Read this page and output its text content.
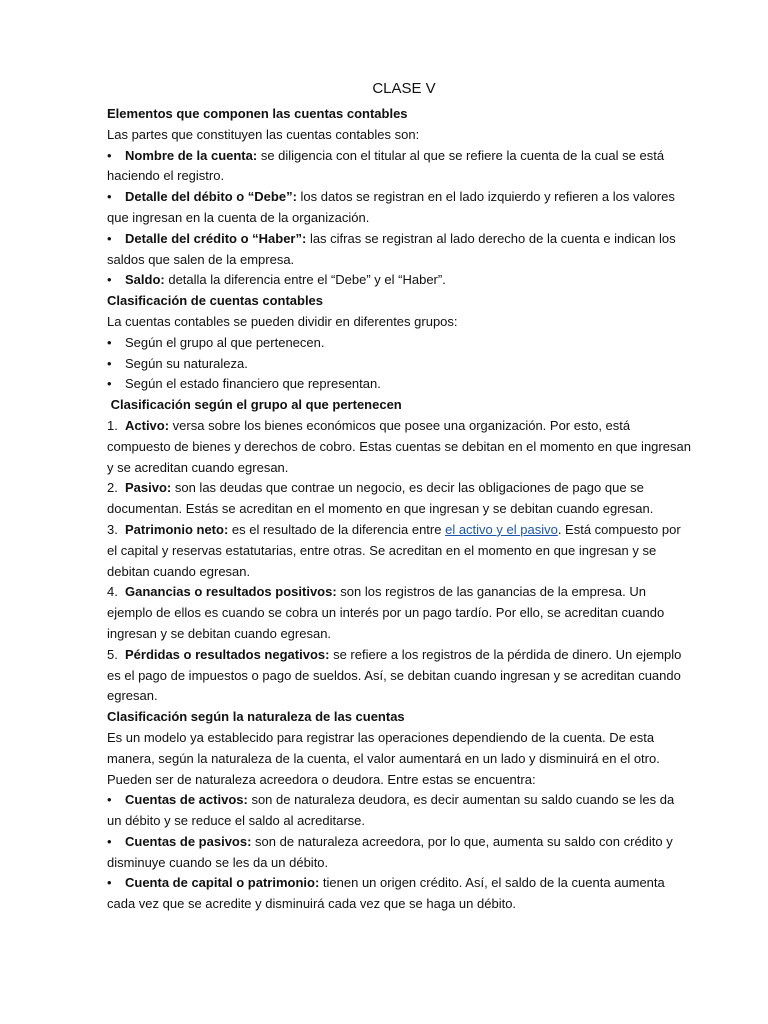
CLASE V

Elementos que componen las cuentas contables

Las partes que constituyen las cuentas contables son:

• Nombre de la cuenta: se diligencia con el titular al que se refiere la cuenta de la cual se está haciendo el registro.

• Detalle del débito o “Debe”: los datos se registran en el lado izquierdo y refieren a los valores que ingresan en la cuenta de la organización.

• Detalle del crédito o “Haber”: las cifras se registran al lado derecho de la cuenta e indican los saldos que salen de la empresa.

• Saldo: detalla la diferencia entre el “Debe” y el “Haber”.

Clasificación de cuentas contables

La cuentas contables se pueden dividir en diferentes grupos:

• Según el grupo al que pertenecen.

• Según su naturaleza.

• Según el estado financiero que representan.

Clasificación según el grupo al que pertenecen

1. Activo: versa sobre los bienes económicos que posee una organización. Por esto, está compuesto de bienes y derechos de cobro. Estas cuentas se debitan en el momento en que ingresan y se acreditan cuando egresan.

2. Pasivo: son las deudas que contrae un negocio, es decir las obligaciones de pago que se documentan. Estás se acreditan en el momento en que ingresan y se debitan cuando egresan.

3. Patrimonio neto: es el resultado de la diferencia entre el activo y el pasivo. Está compuesto por el capital y reservas estatutarias, entre otras. Se acreditan en el momento en que ingresan y se debitan cuando egresan.

4. Ganancias o resultados positivos: son los registros de las ganancias de la empresa. Un ejemplo de ellos es cuando se cobra un interés por un pago tardío. Por ello, se acreditan cuando ingresan y se debitan cuando egresan.

5. Pérdidas o resultados negativos: se refiere a los registros de la pérdida de dinero. Un ejemplo es el pago de impuestos o pago de sueldos. Así, se debitan cuando ingresan y se acreditan cuando egresan.

Clasificación según la naturaleza de las cuentas

Es un modelo ya establecido para registrar las operaciones dependiendo de la cuenta. De esta manera, según la naturaleza de la cuenta, el valor aumentará en un lado y disminuirá en el otro. Pueden ser de naturaleza acreedora o deudora. Entre estas se encuentra:

• Cuentas de activos: son de naturaleza deudora, es decir aumentan su saldo cuando se les da un débito y se reduce el saldo al acreditarse.

• Cuentas de pasivos: son de naturaleza acreedora, por lo que, aumenta su saldo con crédito y disminuye cuando se les da un débito.

• Cuenta de capital o patrimonio: tienen un origen crédito. Así, el saldo de la cuenta aumenta cada vez que se acredite y disminuirá cada vez que se haga un débito.
